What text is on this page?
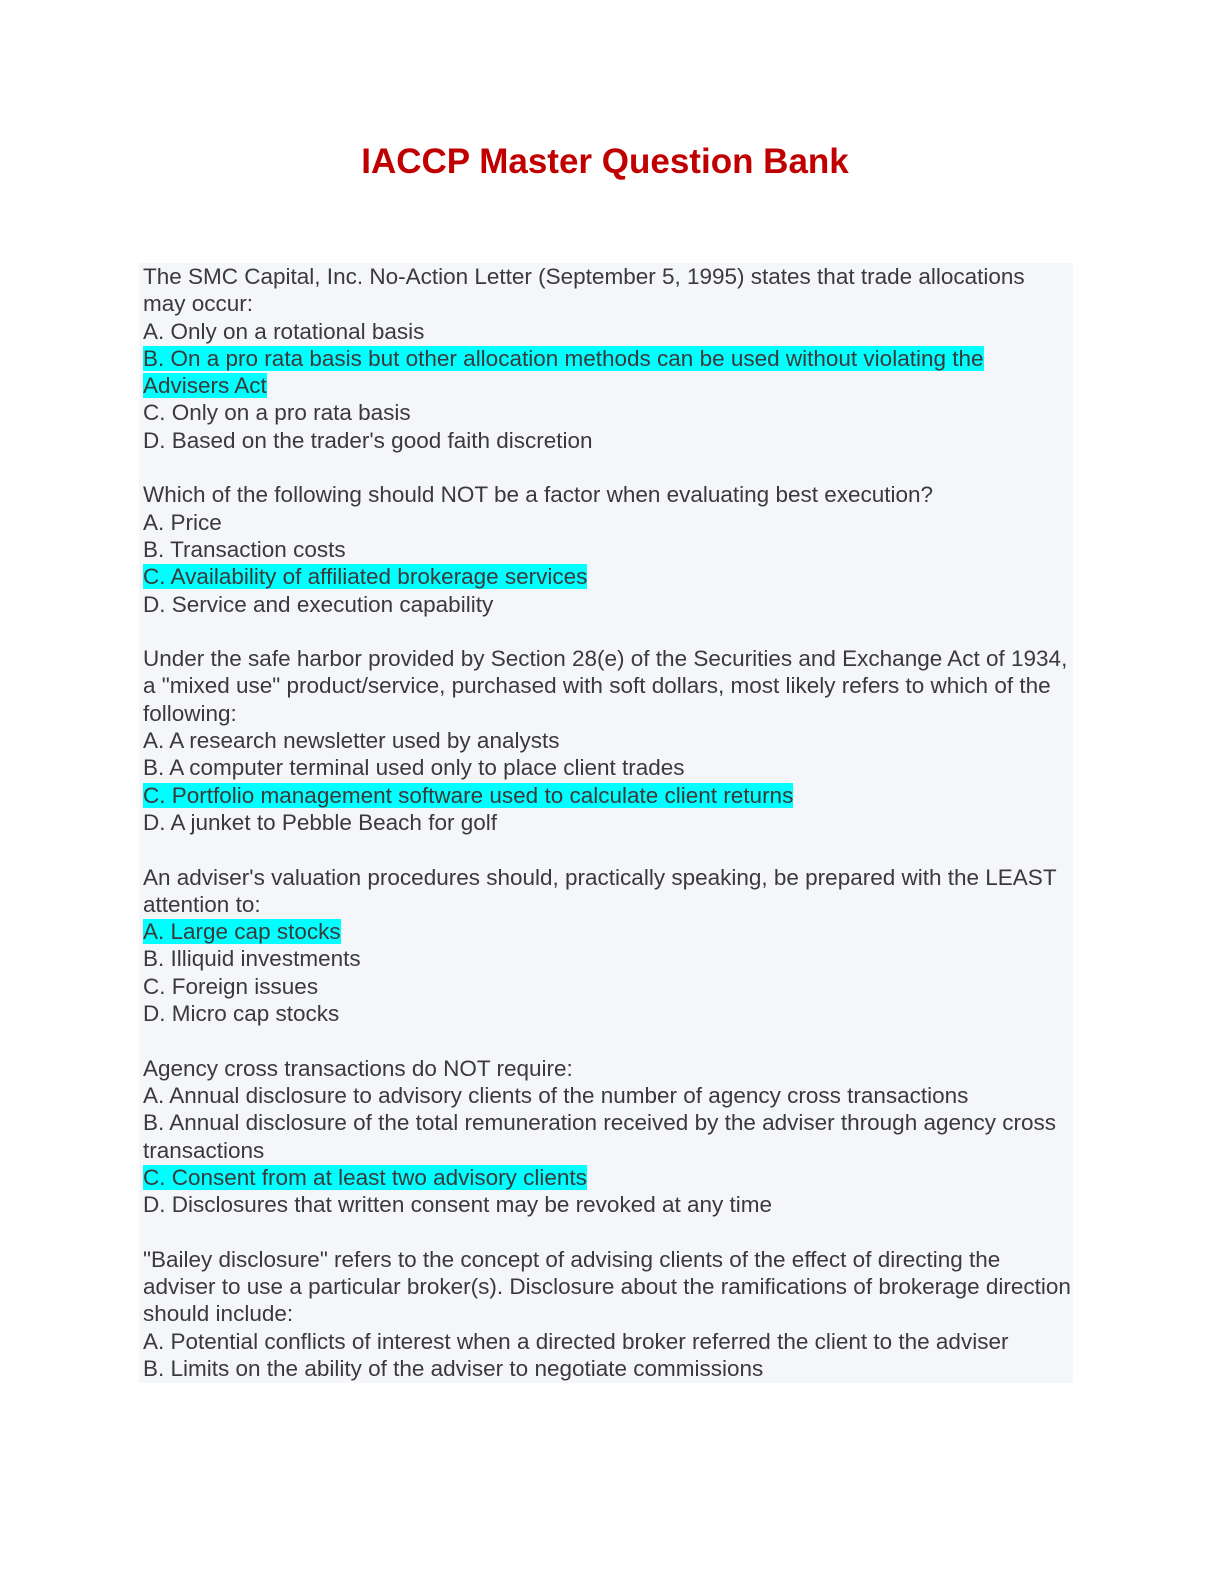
IACCP Master Question Bank
The SMC Capital, Inc. No-Action Letter (September 5, 1995) states that trade allocations may occur:
A. Only on a rotational basis
B. On a pro rata basis but other allocation methods can be used without violating the Advisers Act
C. Only on a pro rata basis
D. Based on the trader's good faith discretion
Which of the following should NOT be a factor when evaluating best execution?
A. Price
B. Transaction costs
C. Availability of affiliated brokerage services
D. Service and execution capability
Under the safe harbor provided by Section 28(e) of the Securities and Exchange Act of 1934, a "mixed use" product/service, purchased with soft dollars, most likely refers to which of the following:
A. A research newsletter used by analysts
B. A computer terminal used only to place client trades
C. Portfolio management software used to calculate client returns
D. A junket to Pebble Beach for golf
An adviser's valuation procedures should, practically speaking, be prepared with the LEAST attention to:
A. Large cap stocks
B. Illiquid investments
C. Foreign issues
D. Micro cap stocks
Agency cross transactions do NOT require:
A. Annual disclosure to advisory clients of the number of agency cross transactions
B. Annual disclosure of the total remuneration received by the adviser through agency cross transactions
C. Consent from at least two advisory clients
D. Disclosures that written consent may be revoked at any time
"Bailey disclosure" refers to the concept of advising clients of the effect of directing the adviser to use a particular broker(s). Disclosure about the ramifications of brokerage direction should include:
A. Potential conflicts of interest when a directed broker referred the client to the adviser
B. Limits on the ability of the adviser to negotiate commissions
